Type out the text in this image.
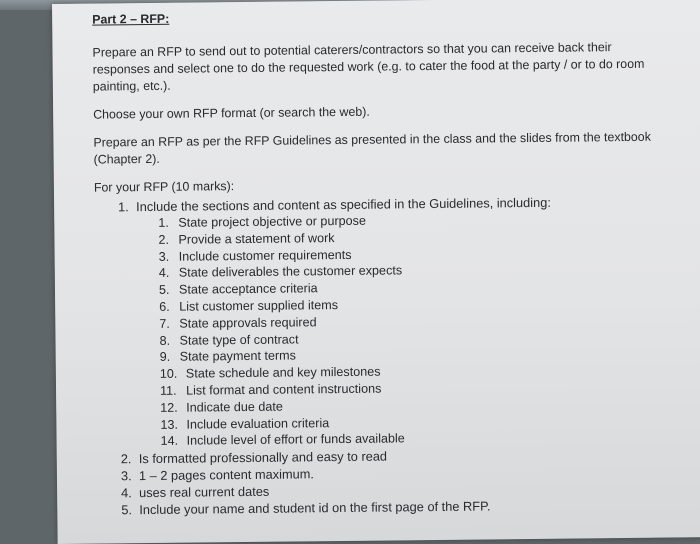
Part 2 – RFP:

Prepare an RFP to send out to potential caterers/contractors so that you can receive back their responses and select one to do the requested work (e.g. to cater the food at the party / or to do room painting, etc.).

Choose your own RFP format (or search the web).

Prepare an RFP as per the RFP Guidelines as presented in the class and the slides from the textbook (Chapter 2).

For your RFP (10 marks):

1. Include the sections and content as specified in the Guidelines, including:
1. State project objective or purpose
2. Provide a statement of work
3. Include customer requirements
4. State deliverables the customer expects
5. State acceptance criteria
6. List customer supplied items
7. State approvals required
8. State type of contract
9. State payment terms
10. State schedule and key milestones
11. List format and content instructions
12. Indicate due date
13. Include evaluation criteria
14. Include level of effort or funds available
2. Is formatted professionally and easy to read
3. 1 – 2 pages content maximum.
4. uses real current dates
5. Include your name and student id on the first page of the RFP.
